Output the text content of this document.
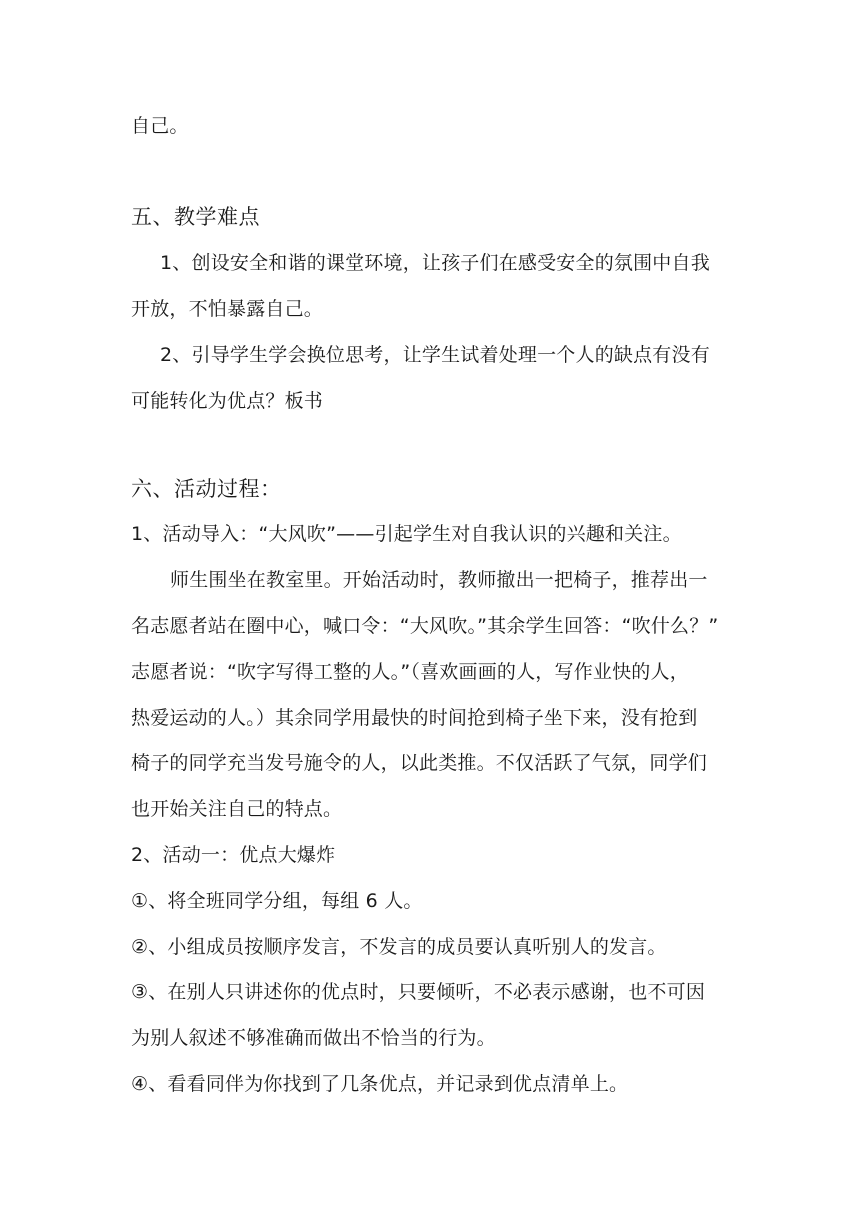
自己。
五、教学难点
1、创设安全和谐的课堂环境，让孩子们在感受安全的氛围中自我
开放，不怕暴露自己。
2、引导学生学会换位思考，让学生试着处理一个人的缺点有没有
可能转化为优点？板书
六、活动过程：
1、活动导入：“大风吹”——引起学生对自我认识的兴趣和关注。
师生围坐在教室里。开始活动时，教师撤出一把椅子，推荐出一
名志愿者站在圈中心，喊口令：“大风吹。”其余学生回答：“吹什么？”
志愿者说：“吹字写得工整的人。”（喜欢画画的人，写作业快的人，
热爱运动的人。）其余同学用最快的时间抢到椅子坐下来，没有抢到
椅子的同学充当发号施令的人，以此类推。不仅活跃了气氛，同学们
也开始关注自己的特点。
2、活动一：优点大爆炸
①、将全班同学分组，每组 6 人。
②、小组成员按顺序发言，不发言的成员要认真听别人的发言。
③、在别人只讲述你的优点时，只要倾听，不必表示感谢，也不可因
为别人叙述不够准确而做出不恰当的行为。
④、看看同伴为你找到了几条优点，并记录到优点清单上。
